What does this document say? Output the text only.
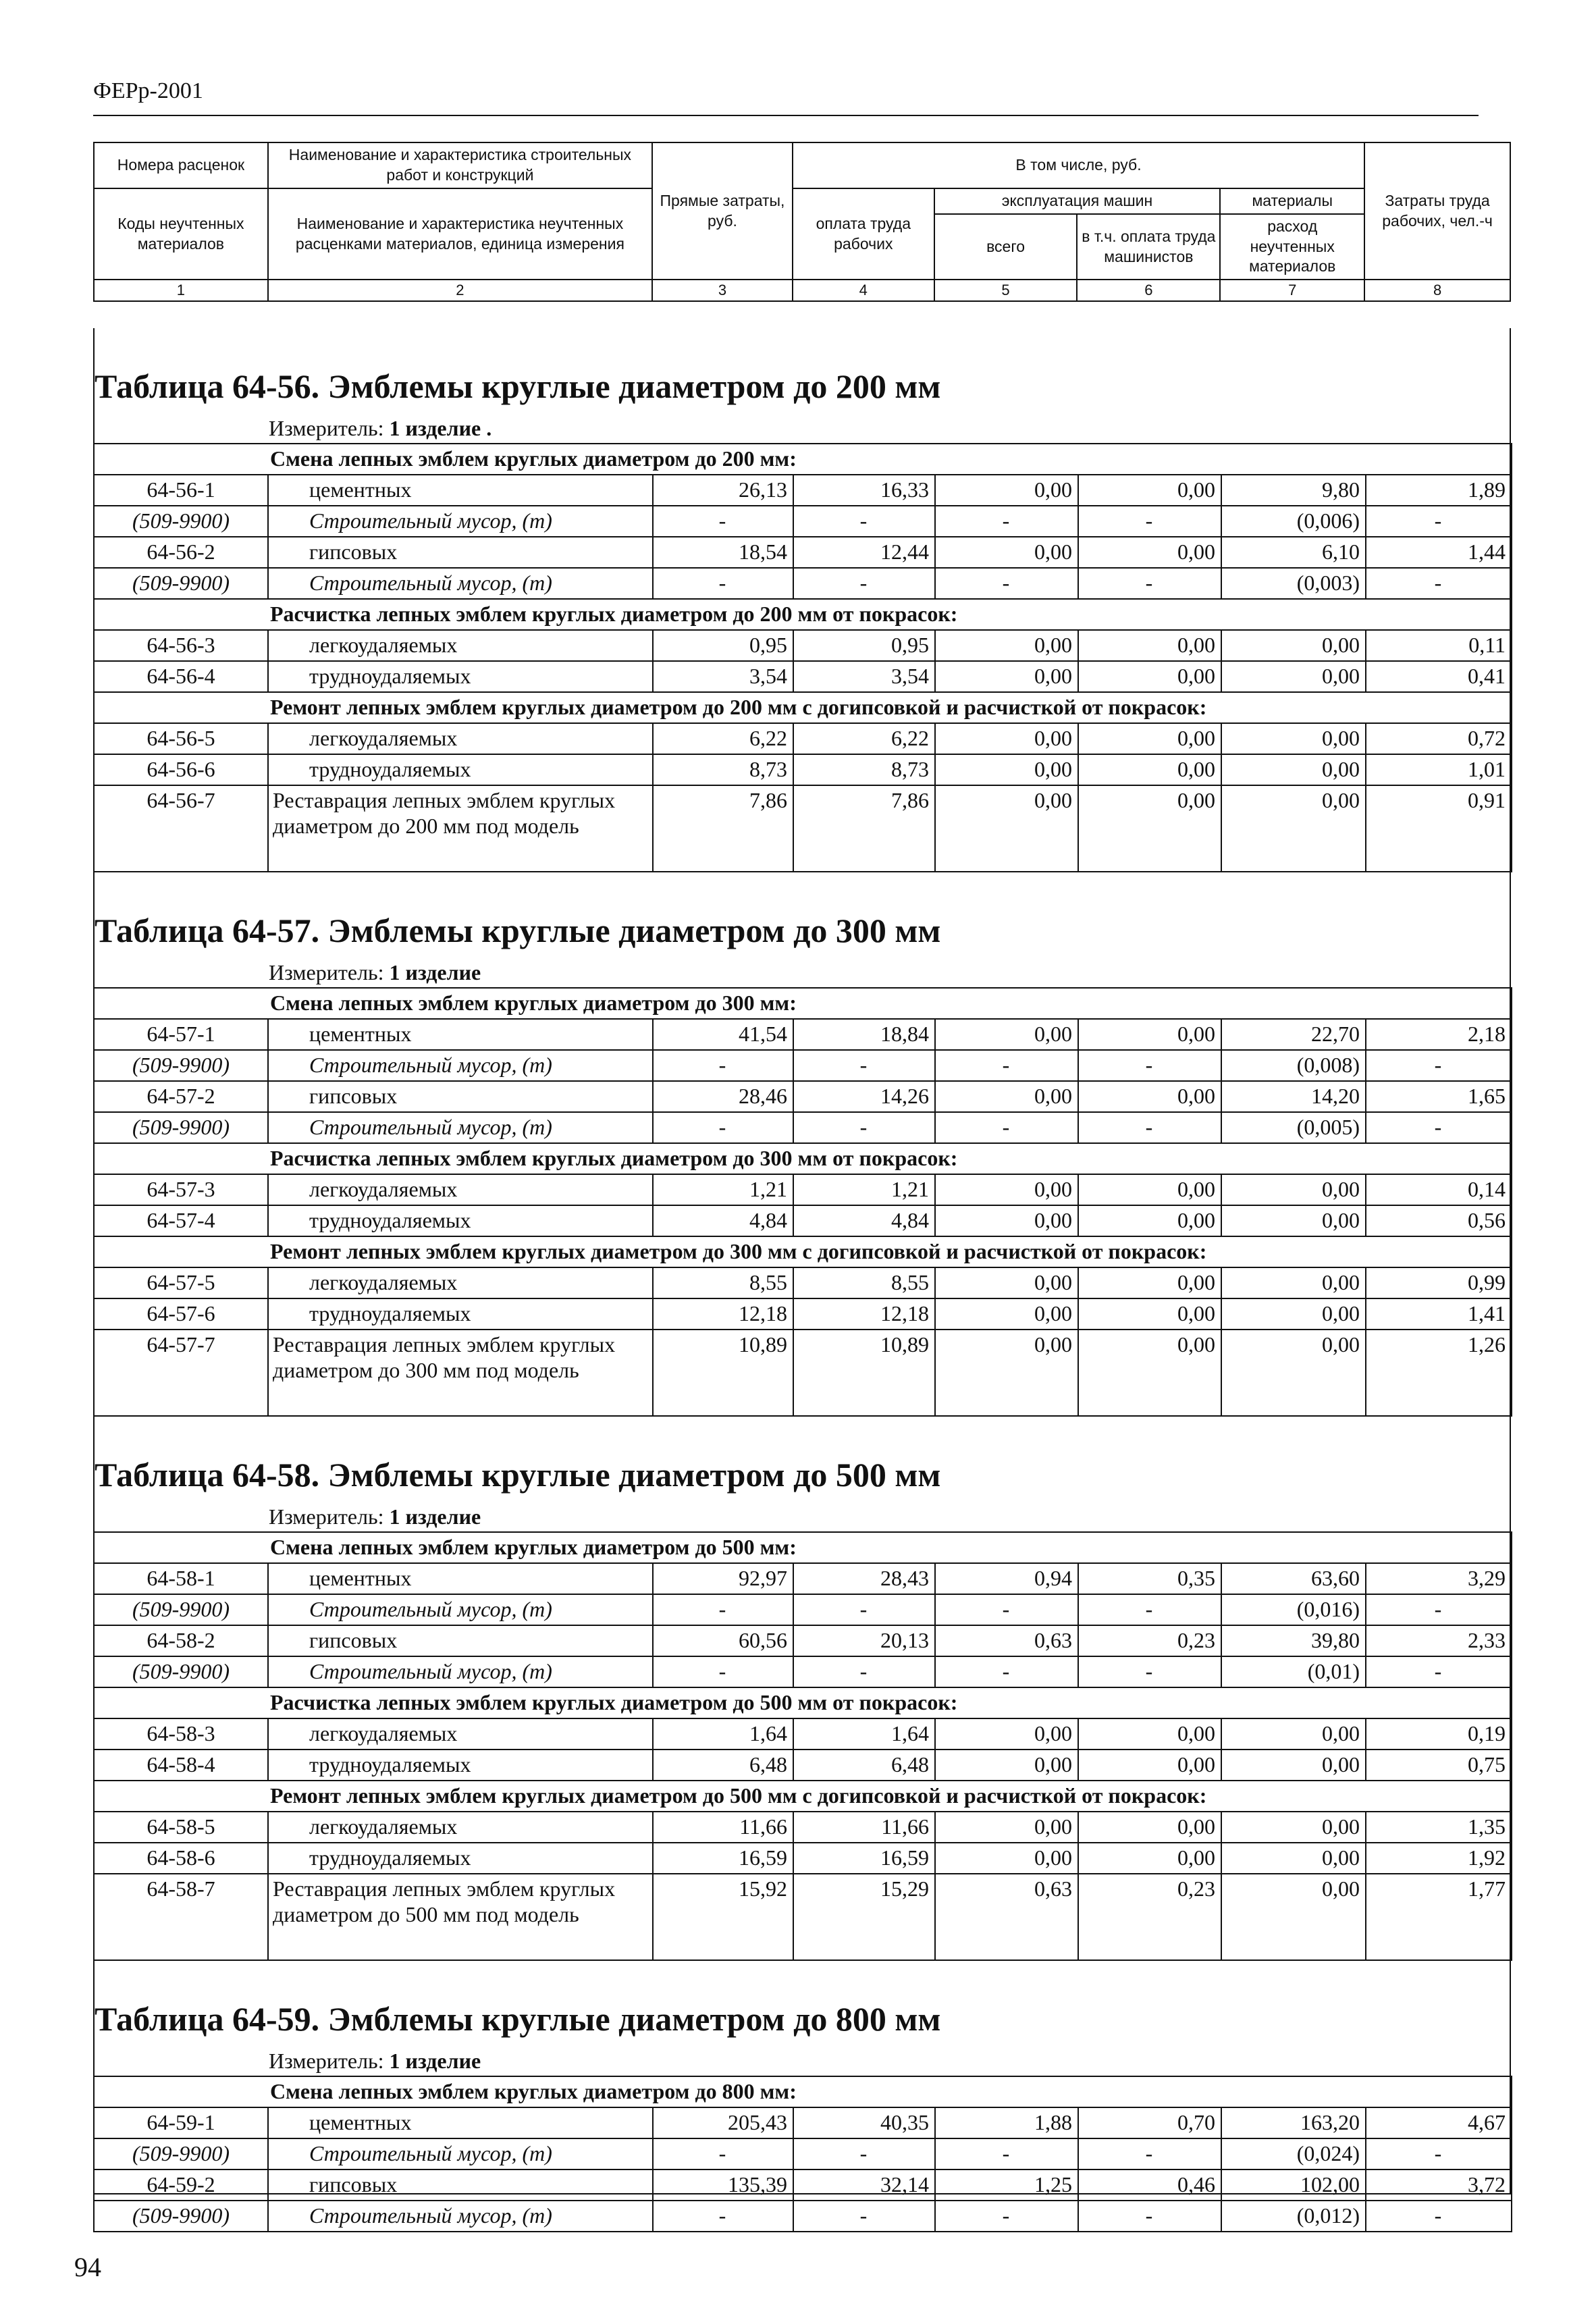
ФЕРр-2001
Номера расценок	Наименование и характеристика строительных работ и конструкций	Прямые затраты, руб.	В том числе, руб.				Затраты труда рабочих, чел.-ч
Коды неучтенных материалов	Наименование и характеристика неучтенных расценками материалов, единица измерения		оплата труда рабочих	эксплуатация машин		материалы	
				всего	в т.ч. оплата труда машинистов	расход неучтенных материалов	
1	2	3	4	5	6	7	8
Таблица 64-56. Эмблемы круглые диаметром до 200 мм
Измеритель: 1 изделие .
Смена лепных эмблем круглых диаметром до 200 мм:							
64-56-1	цементных	26,13	16,33	0,00	0,00	9,80	1,89
(509-9900)	Строительный мусор, (т)	-	-	-	-	(0,006)	-
64-56-2	гипсовых	18,54	12,44	0,00	0,00	6,10	1,44
(509-9900)	Строительный мусор, (т)	-	-	-	-	(0,003)	-
Расчистка лепных эмблем круглых диаметром до 200 мм от покрасок:							
64-56-3	легкоудаляемых	0,95	0,95	0,00	0,00	0,00	0,11
64-56-4	трудноудаляемых	3,54	3,54	0,00	0,00	0,00	0,41
Ремонт лепных эмблем круглых диаметром до 200 мм с догипсовкой и расчисткой от покрасок:							
64-56-5	легкоудаляемых	6,22	6,22	0,00	0,00	0,00	0,72
64-56-6	трудноудаляемых	8,73	8,73	0,00	0,00	0,00	1,01
64-56-7	Реставрация лепных эмблем круглых диаметром до 200 мм под модель	7,86	7,86	0,00	0,00	0,00	0,91
Таблица 64-57. Эмблемы круглые диаметром до 300 мм
Измеритель: 1 изделие
Смена лепных эмблем круглых диаметром до 300 мм:							
64-57-1	цементных	41,54	18,84	0,00	0,00	22,70	2,18
(509-9900)	Строительный мусор, (т)	-	-	-	-	(0,008)	-
64-57-2	гипсовых	28,46	14,26	0,00	0,00	14,20	1,65
(509-9900)	Строительный мусор, (т)	-	-	-	-	(0,005)	-
Расчистка лепных эмблем круглых диаметром до 300 мм от покрасок:							
64-57-3	легкоудаляемых	1,21	1,21	0,00	0,00	0,00	0,14
64-57-4	трудноудаляемых	4,84	4,84	0,00	0,00	0,00	0,56
Ремонт лепных эмблем круглых диаметром до 300 мм с догипсовкой и расчисткой от покрасок:							
64-57-5	легкоудаляемых	8,55	8,55	0,00	0,00	0,00	0,99
64-57-6	трудноудаляемых	12,18	12,18	0,00	0,00	0,00	1,41
64-57-7	Реставрация лепных эмблем круглых диаметром до 300 мм под модель	10,89	10,89	0,00	0,00	0,00	1,26
Таблица 64-58. Эмблемы круглые диаметром до 500 мм
Измеритель: 1 изделие
Смена лепных эмблем круглых диаметром до 500 мм:							
64-58-1	цементных	92,97	28,43	0,94	0,35	63,60	3,29
(509-9900)	Строительный мусор, (т)	-	-	-	-	(0,016)	-
64-58-2	гипсовых	60,56	20,13	0,63	0,23	39,80	2,33
(509-9900)	Строительный мусор, (т)	-	-	-	-	(0,01)	-
Расчистка лепных эмблем круглых диаметром до 500 мм от покрасок:							
64-58-3	легкоудаляемых	1,64	1,64	0,00	0,00	0,00	0,19
64-58-4	трудноудаляемых	6,48	6,48	0,00	0,00	0,00	0,75
Ремонт лепных эмблем круглых диаметром до 500 мм с догипсовкой и расчисткой от покрасок:							
64-58-5	легкоудаляемых	11,66	11,66	0,00	0,00	0,00	1,35
64-58-6	трудноудаляемых	16,59	16,59	0,00	0,00	0,00	1,92
64-58-7	Реставрация лепных эмблем круглых диаметром до 500 мм под модель	15,92	15,29	0,63	0,23	0,00	1,77
Таблица 64-59. Эмблемы круглые диаметром до 800 мм
Измеритель: 1 изделие
Смена лепных эмблем круглых диаметром до 800 мм:							
64-59-1	цементных	205,43	40,35	1,88	0,70	163,20	4,67
(509-9900)	Строительный мусор, (т)	-	-	-	-	(0,024)	-
64-59-2	гипсовых	135,39	32,14	1,25	0,46	102,00	3,72
(509-9900)	Строительный мусор, (т)	-	-	-	-	(0,012)	-
94
